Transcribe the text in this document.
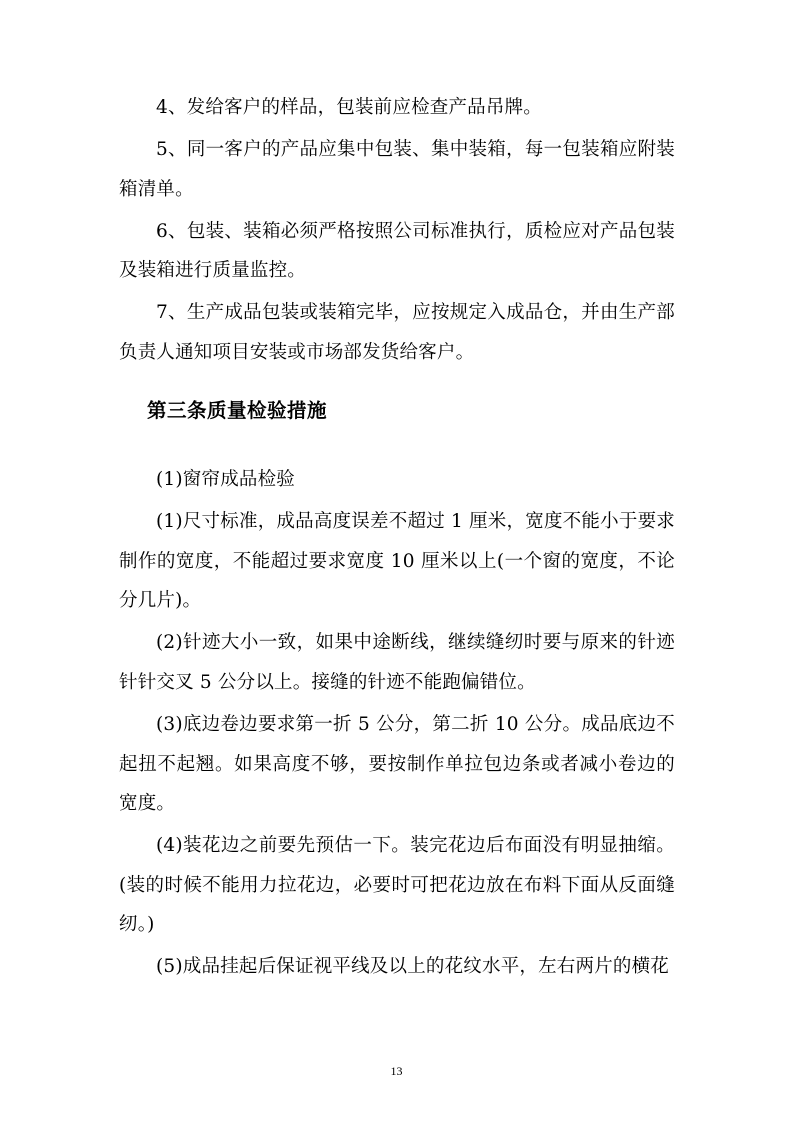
4、发给客户的样品，包装前应检查产品吊牌。

5、同一客户的产品应集中包装、集中装箱，每一包装箱应附装箱清单。

6、包装、装箱必须严格按照公司标准执行，质检应对产品包装及装箱进行质量监控。

7、生产成品包装或装箱完毕，应按规定入成品仓，并由生产部负责人通知项目安装或市场部发货给客户。

第三条质量检验措施

(1)窗帘成品检验

(1)尺寸标准，成品高度误差不超过 1 厘米，宽度不能小于要求制作的宽度，不能超过要求宽度 10 厘米以上(一个窗的宽度，不论分几片)。

(2)针迹大小一致，如果中途断线，继续缝纫时要与原来的针迹针针交叉 5 公分以上。接缝的针迹不能跑偏错位。

(3)底边卷边要求第一折 5 公分，第二折 10 公分。成品底边不起扭不起翘。如果高度不够，要按制作单拉包边条或者减小卷边的宽度。

(4)装花边之前要先预估一下。装完花边后布面没有明显抽缩。(装的时候不能用力拉花边，必要时可把花边放在布料下面从反面缝纫。)

(5)成品挂起后保证视平线及以上的花纹水平，左右两片的横花

13
